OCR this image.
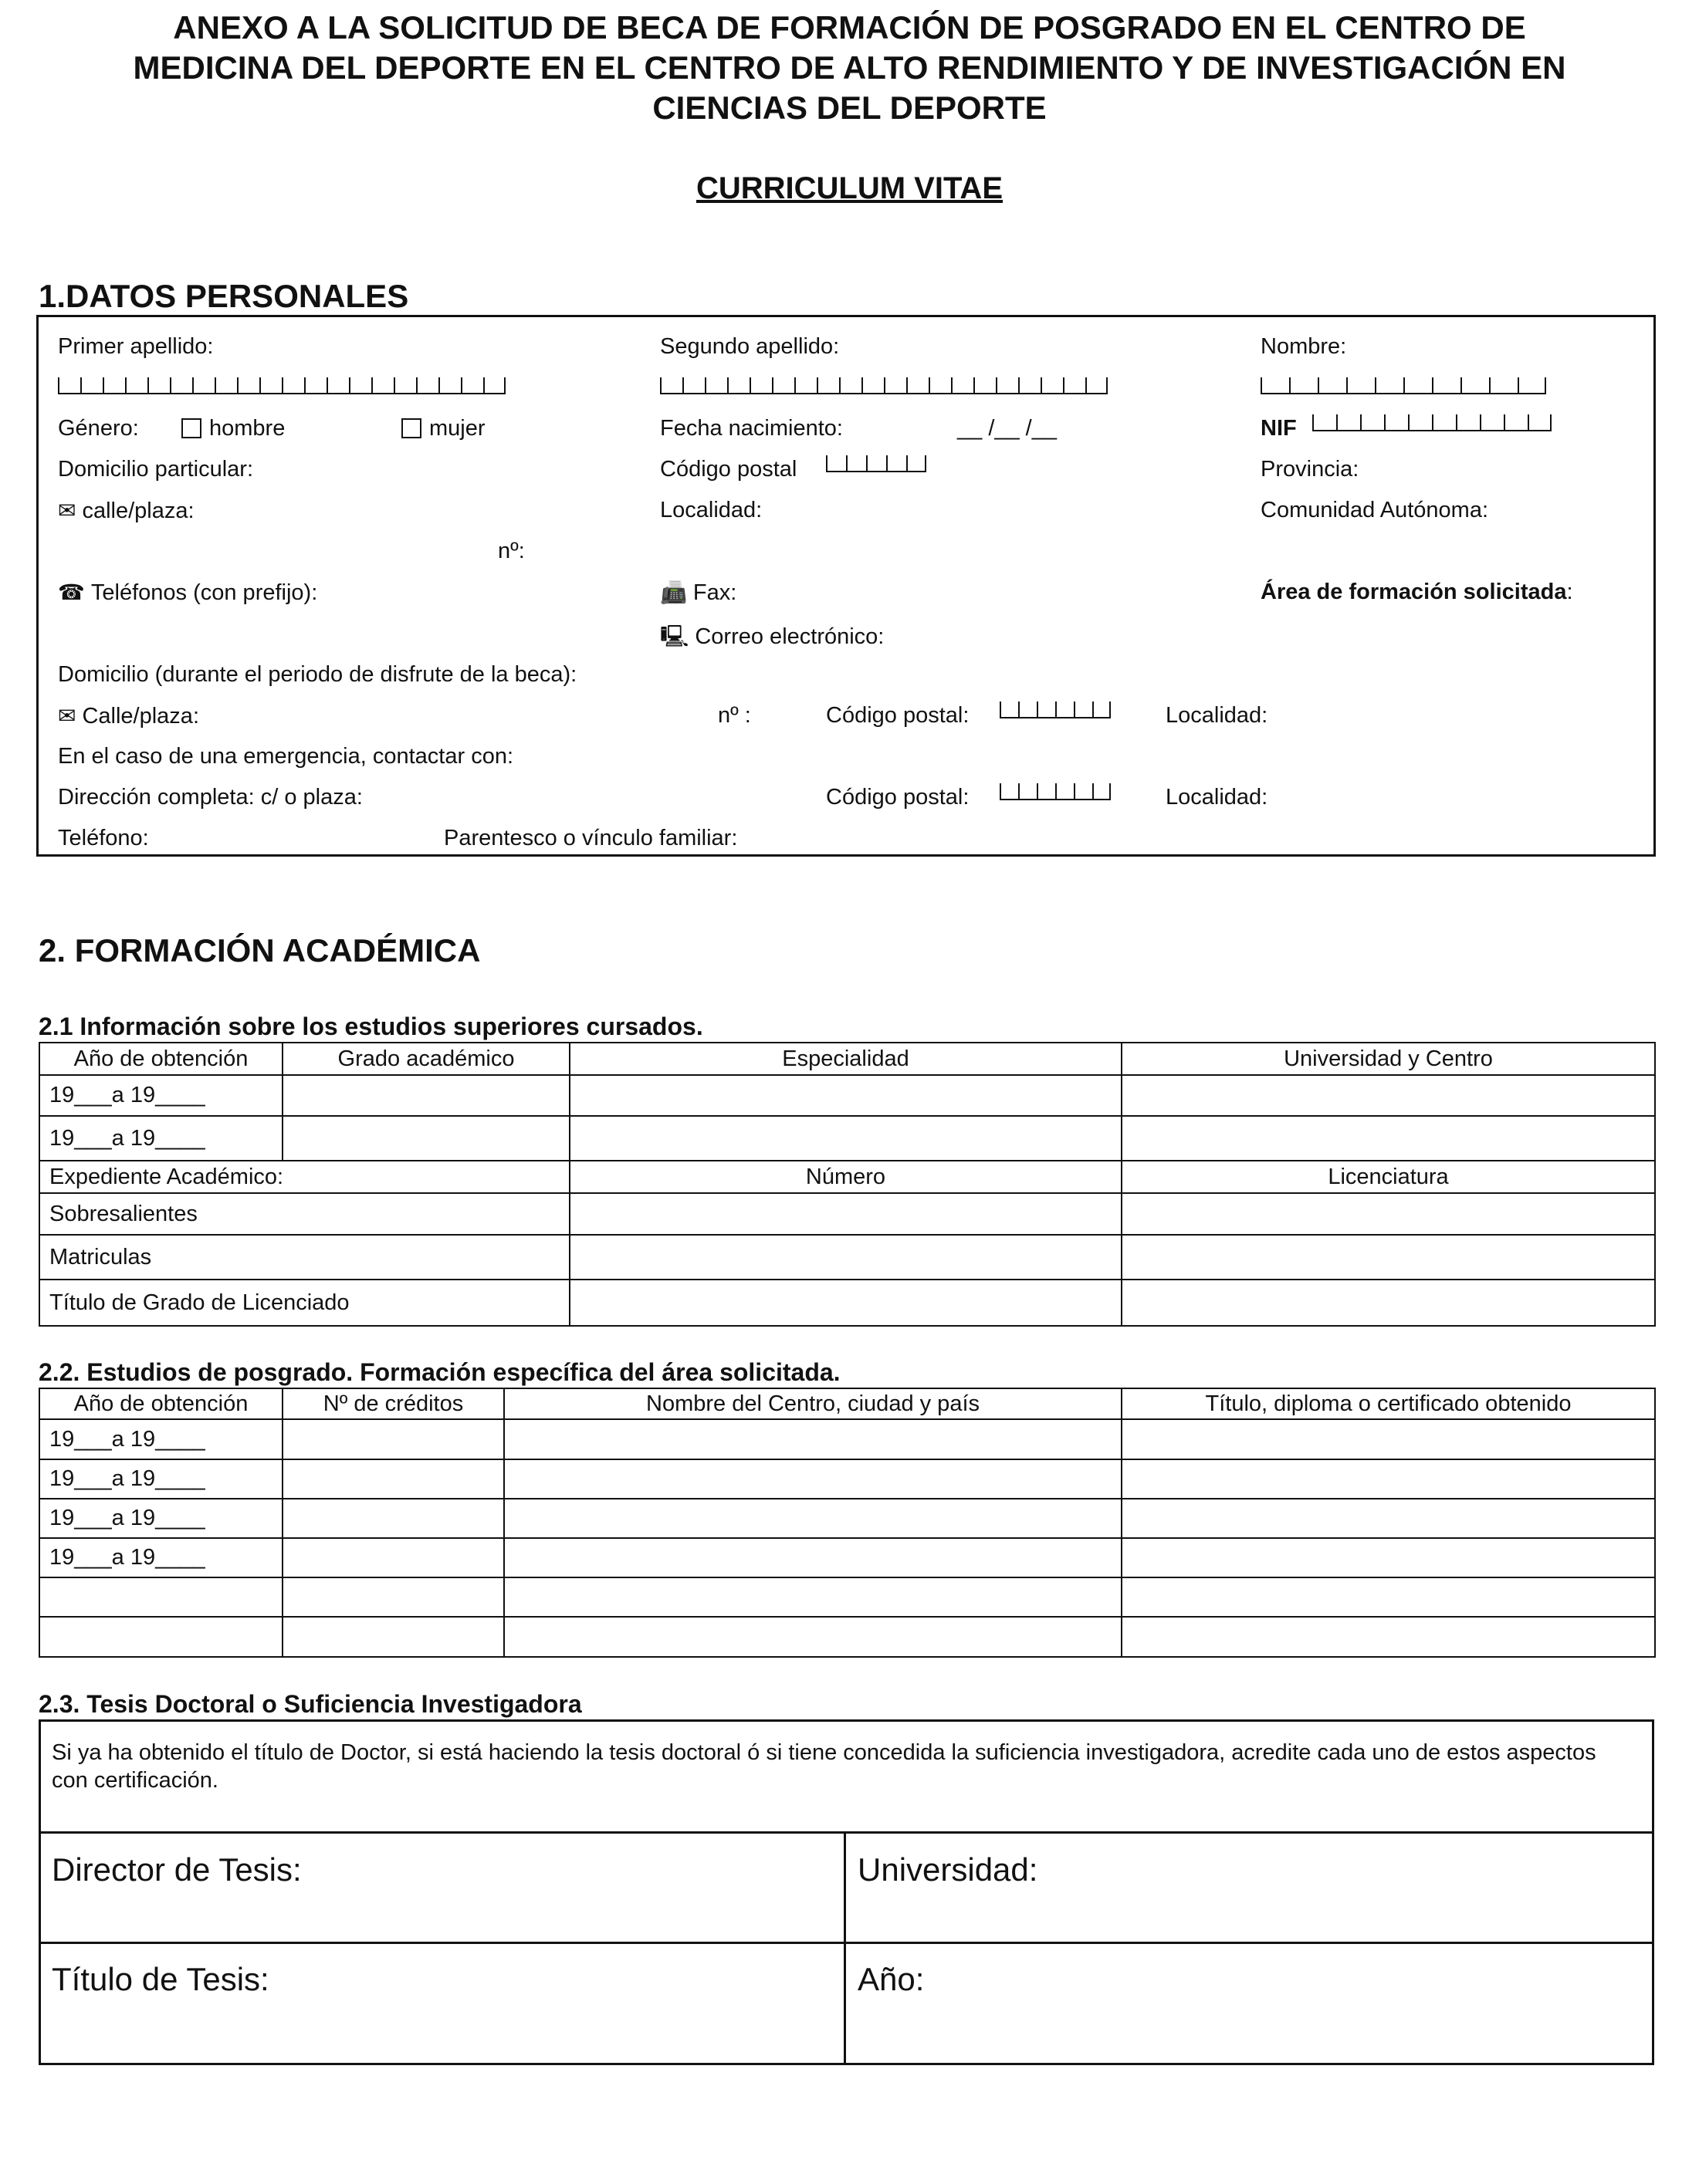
ANEXO A LA SOLICITUD DE BECA DE FORMACIÓN DE POSGRADO EN EL CENTRO DE
MEDICINA DEL DEPORTE EN EL CENTRO DE ALTO RENDIMIENTO Y DE INVESTIGACIÓN EN
CIENCIAS DEL DEPORTE
CURRICULUM VITAE
1.DATOS PERSONALES
Primer apellido:	Segundo apellido:	Nombre:
Género:	hombre	mujer	Fecha nacimiento:	__ /__ /__	NIF
Domicilio particular:	Código postal	Provincia:
✉ calle/plaza:	Localidad:	Comunidad Autónoma:
nº:
☎ Teléfonos (con prefijo):	📠 Fax:	Área de formación solicitada:
🖳 Correo electrónico:
Domicilio (durante el periodo de disfrute de la beca):
✉ Calle/plaza:	nº :	Código postal:	Localidad:
En el caso de una emergencia, contactar con:
Dirección completa: c/ o plaza:	Código postal:	Localidad:
Teléfono:	Parentesco o vínculo familiar:
2. FORMACIÓN ACADÉMICA
2.1 Información sobre los estudios superiores cursados.
Año de obtención	Grado académico	Especialidad	Universidad y Centro
19___a 19____			
19___a 19____			
Expediente Académico:		Número	Licenciatura
Sobresalientes			
Matriculas			
Título de Grado de Licenciado			
2.2. Estudios de posgrado. Formación específica del área solicitada.
Año de obtención	Nº de créditos	Nombre del Centro, ciudad y país	Título, diploma o certificado obtenido
19___a 19____			
19___a 19____			
19___a 19____			
19___a 19____			

2.3. Tesis Doctoral o Suficiencia Investigadora
Si ya ha obtenido el título de Doctor, si está haciendo la tesis doctoral ó si tiene concedida la suficiencia investigadora, acredite cada uno de estos aspectos con certificación.
Director de Tesis:	Universidad:
Título de Tesis:	Año:
